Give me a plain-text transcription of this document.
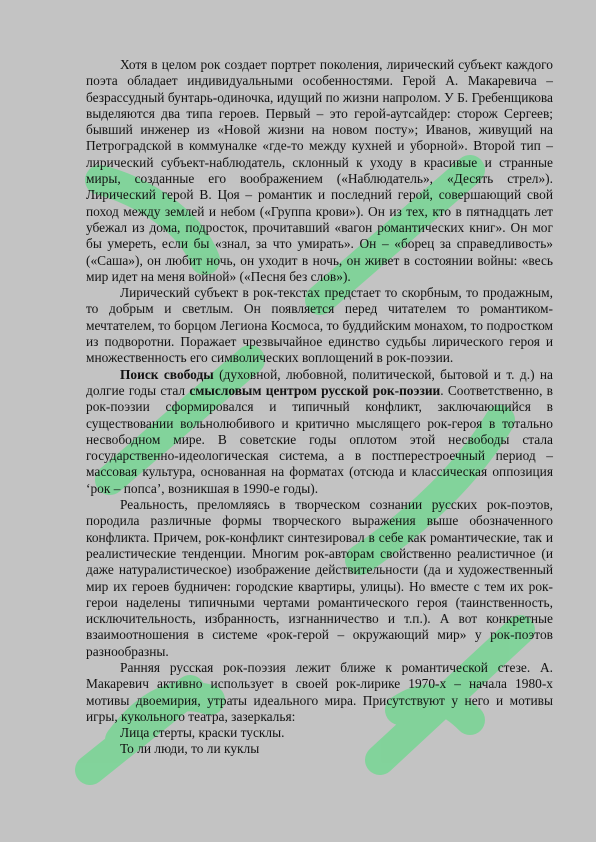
Хотя в целом рок создает портрет поколения, лирический субъект каждого поэта обладает индивидуальными особенностями. Герой А. Макаревича – безрассудный бунтарь-одиночка, идущий по жизни напролом. У Б. Гребенщикова выделяются два типа героев. Первый – это герой-аутсайдер: сторож Сергеев; бывший инженер из «Новой жизни на новом посту»; Иванов, живущий на Петроградской в коммуналке «где-то между кухней и уборной». Второй тип – лирический субъект-наблюдатель, склонный к уходу в красивые и странные миры, созданные его воображением («Наблюдатель», «Десять стрел»). Лирический герой В. Цоя – романтик и последний герой, совершающий свой поход между землей и небом («Группа крови»). Он из тех, кто в пятнадцать лет убежал из дома, подросток, прочитавший «вагон романтических книг». Он мог бы умереть, если бы «знал, за что умирать». Он – «борец за справедливость» («Саша»), он любит ночь, он уходит в ночь, он живет в состоянии войны: «весь мир идет на меня войной» («Песня без слов»).

Лирический субъект в рок-текстах предстает то скорбным, то продажным, то добрым и светлым. Он появляется перед читателем то романтиком-мечтателем, то борцом Легиона Космоса, то буддийским монахом, то подростком из подворотни. Поражает чрезвычайное единство судьбы лирического героя и множественность его символических воплощений в рок-поэзии.

Поиск свободы (духовной, любовной, политической, бытовой и т. д.) на долгие годы стал смысловым центром русской рок-поэзии. Соответственно, в рок-поэзии сформировался и типичный конфликт, заключающийся в существовании вольнолюбивого и критично мыслящего рок-героя в тотально несвободном мире. В советские годы оплотом этой несвободы стала государственно-идеологическая система, а в постперестроечный период – массовая культура, основанная на форматах (отсюда и классическая оппозиция ‘рок – попса’, возникшая в 1990-е годы).

Реальность, преломляясь в творческом сознании русских рок-поэтов, породила различные формы творческого выражения выше обозначенного конфликта. Причем, рок-конфликт синтезировал в себе как романтические, так и реалистические тенденции. Многим рок-авторам свойственно реалистичное (и даже натуралистическое) изображение действительности (да и художественный мир их героев будничен: городские квартиры, улицы). Но вместе с тем их рок-герои наделены типичными чертами романтического героя (таинственность, исключительность, избранность, изгнанничество и т.п.). А вот конкретные взаимоотношения в системе «рок-герой – окружающий мир» у рок-поэтов разнообразны.

Ранняя русская рок-поэзия лежит ближе к романтической стезе. А. Макаревич активно использует в своей рок-лирике 1970-х – начала 1980-х мотивы двоемирия, утраты идеального мира. Присутствуют у него и мотивы игры, кукольного театра, зазеркалья:

Лица стерты, краски тусклы.

То ли люди, то ли куклы
